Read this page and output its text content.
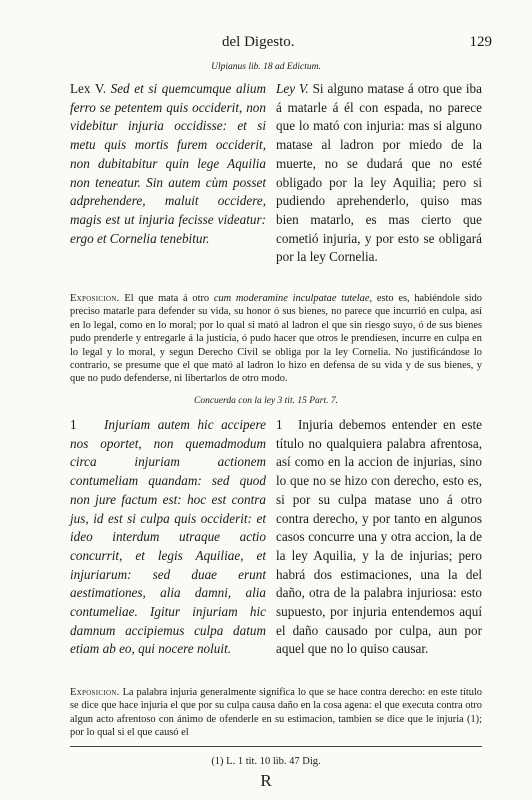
del Digesto.	129
Ulpianus lib. 18 ad Edictum.
Lex V. Sed et si quemcumque alium ferro se petentem quis occiderit, non videbitur injuria occidisse: et si metu quis mortis furem occiderit, non dubitabitur quin lege Aquilia non teneatur. Sin autem cùm posset adprehendere, maluit occidere, magis est ut injuria fecisse videatur: ergo et Cornelia tenebitur.
Ley V. Si alguno matase á otro que iba á matarle á él con espada, no parece que lo mató con injuria: mas si alguno matase al ladron por miedo de la muerte, no se dudará que no esté obligado por la ley Aquilia; pero si pudiendo aprehenderlo, quiso mas bien matarlo, es mas cierto que cometió injuria, y por esto se obligará por la ley Cornelia.
Exposicion. El que mata á otro cum moderamine inculpatae tutelae, esto es, habiéndole sido preciso matarle para defender su vida, su honor ó sus bienes, no parece que incurrió en culpa, así en lo legal, como en lo moral; por lo qual si mató al ladron el que sin riesgo suyo, ó de sus bienes pudo prenderle y entregarle á la justicia, ó pudo hacer que otros le prendiesen, incurre en culpa en lo legal y lo moral, y segun Derecho Civil se obliga por la ley Cornelia. No justificándose lo contrario, se presume que el que mató al ladron lo hizo en defensa de su vida y de sus bienes, y que no pudo defenderse, ni libertarlos de otro modo.
Concuerda con la ley 3 tit. 15 Part. 7.
1 Injuriam autem hic accipere nos oportet, non quemadmodum circa injuriam actionem contumeliam quandam: sed quod non jure factum est: hoc est contra jus, id est si culpa quis occiderit: et ideo interdum utraque actio concurrit, et legis Aquiliae, et injuriarum: sed duae erunt aestimationes, alia damni, alia contumeliae. Igitur injuriam hic damnum accipiemus culpa datum etiam ab eo, qui nocere noluit.
1 Injuria debemos entender en este título no qualquiera palabra afrentosa, así como en la accion de injurias, sino lo que no se hizo con derecho, esto es, si por su culpa matase uno á otro contra derecho, y por tanto en algunos casos concurre una y otra accion, la de la ley Aquilia, y la de injurias; pero habrá dos estimaciones, una la del daño, otra de la palabra injuriosa: esto supuesto, por injuria entendemos aquí el daño causado por culpa, aun por aquel que no lo quiso causar.
Exposicion. La palabra injuria generalmente significa lo que se hace contra derecho: en este título se dice que hace injuria el que por su culpa causa daño en la cosa agena: el que executa contra otro algun acto afrentoso con ánimo de ofenderle en su estimacion, tambien se dice que le injuria (1); por lo qual si el que causó el
(1) L. 1 tit. 10 lib. 47 Dig.
R
